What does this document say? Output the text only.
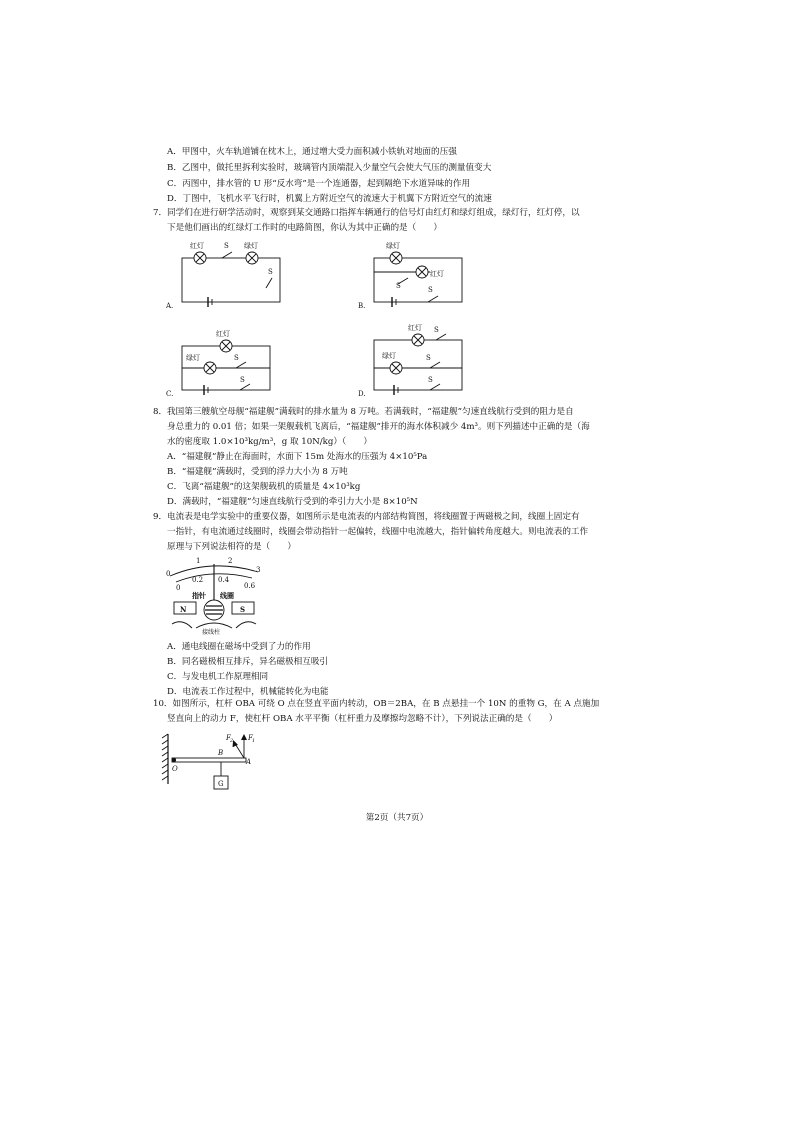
A．甲图中，火车轨道铺在枕木上，通过增大受力面积减小铁轨对地面的压强
B．乙图中，做托里拆利实验时，玻璃管内顶端混入少量空气会使大气压的测量值变大
C．丙图中，排水管的 U 形“反水弯”是一个连通器，起到隔绝下水道异味的作用
D．丁图中，飞机水平飞行时，机翼上方附近空气的流速大于机翼下方附近空气的流速
7．同学们在进行研学活动时，观察到某交通路口指挥车辆通行的信号灯由红灯和绿灯组成，绿灯行，红灯停，以
下是他们画出的红绿灯工作时的电路简图，你认为其中正确的是（　　）
红灯	绿灯	绿灯
红灯
红灯
绿灯
红灯
绿灯
S
S
S	S
S
S
S
S
S
A.	B.
C.	D.
8．我国第三艘航空母舰“福建舰”满载时的排水量为 8 万吨。若满载时，“福建舰”匀速直线航行受到的阻力是自
身总重力的 0.01 倍；如果一架舰载机飞离后，“福建舰”排开的海水体积减少 4m³。则下列描述中正确的是（海
水的密度取 1.0×10³kg/m³，g 取 10N/kg）（　　）
A．“福建舰”静止在海面时，水面下 15m 处海水的压强为 4×10⁵Pa
B．“福建舰”满载时，受到的浮力大小为 8 万吨
C．飞离“福建舰”的这架舰载机的质量是 4×10³kg
D．满载时，“福建舰”匀速直线航行受到的牵引力大小是 8×10⁵N
9．电流表是电学实验中的重要仪器，如图所示是电流表的内部结构简图，将线圈置于两磁极之间，线圈上固定有
一指针，有电流通过线圈时，线圈会带动指针一起偏转，线圈中电流越大，指针偏转角度越大。则电流表的工作
原理与下列说法相符的是（　　）
0
1	2
3
0
0.2 0.4
0.6
指针 线圈
N	S
接线柱
A．通电线圈在磁场中受到了力的作用
B．同名磁极相互排斥，异名磁极相互吸引
C．与发电机工作原理相同
D．电流表工作过程中，机械能转化为电能
10．如图所示，杠杆 OBA 可绕 O 点在竖直平面内转动，OB＝2BA，在 B 点悬挂一个 10N 的重物 G，在 A 点施加
竖直向上的动力 F，使杠杆 OBA 水平平衡（杠杆重力及摩擦均忽略不计），下列说法正确的是（　　）
O
B
A
G
F 1
F 2
第2页（共7页）
